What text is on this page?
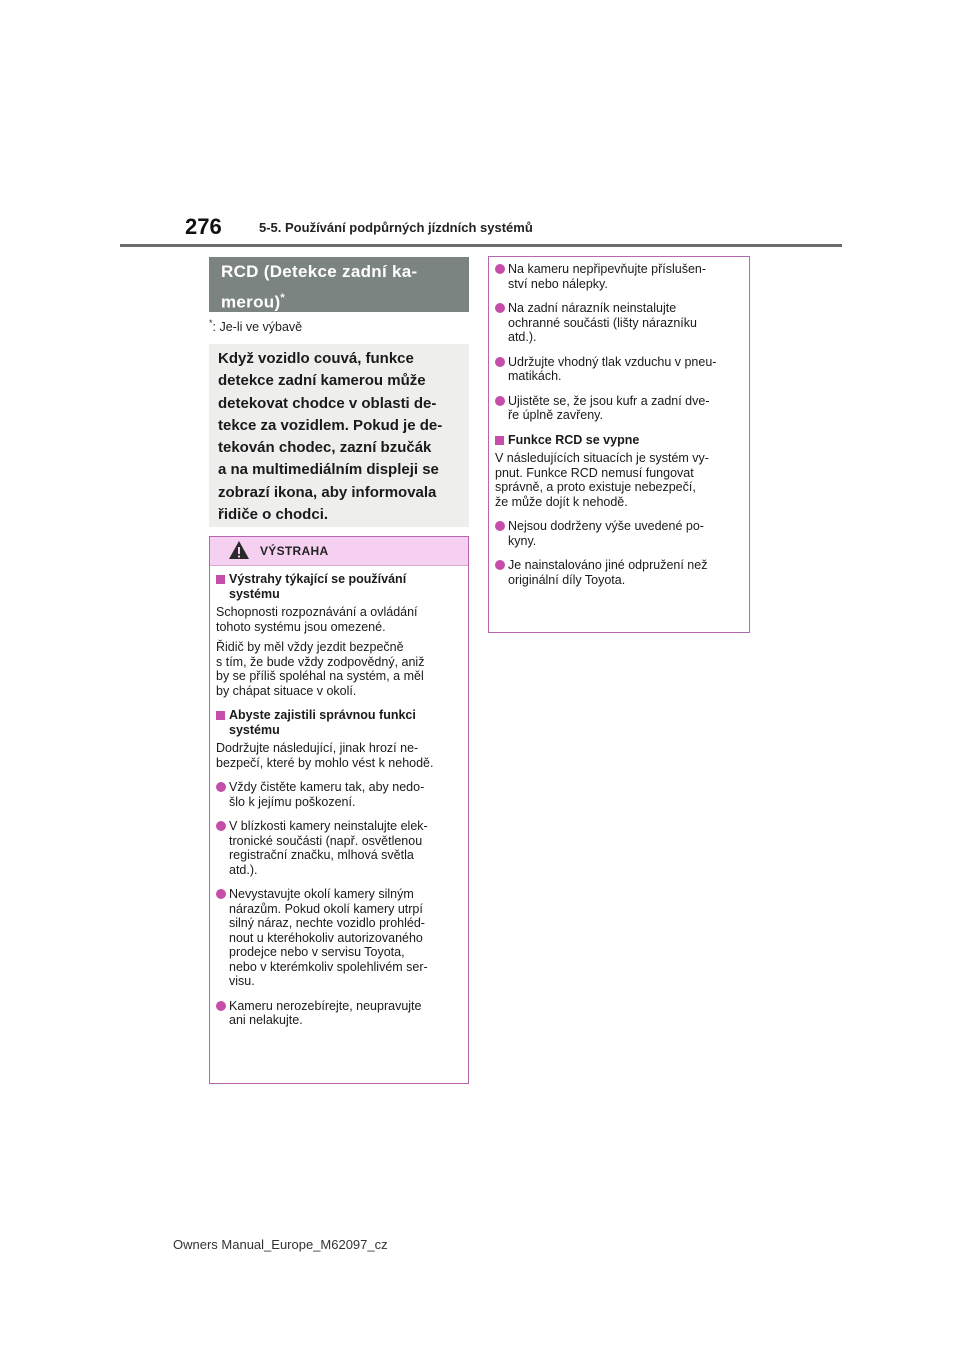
276	5-5. Používání podpůrných jízdních systémů
RCD (Detekce zadní ka-
merou)*
*: Je-li ve výbavě
Když vozidlo couvá, funkce
detekce zadní kamerou může
detekovat chodce v oblasti de-
tekce za vozidlem. Pokud je de-
tekován chodec, zazní bzučák
a na multimediálním displeji se
zobrazí ikona, aby informovala
řidiče o chodci.
VÝSTRAHA
Výstrahy týkající se používání
systému
Schopnosti rozpoznávání a ovládání
tohoto systému jsou omezené.
Řidič by měl vždy jezdit bezpečně
s tím, že bude vždy zodpovědný, aniž
by se příliš spoléhal na systém, a měl
by chápat situace v okolí.
Abyste zajistili správnou funkci
systému
Dodržujte následující, jinak hrozí ne-
bezpečí, které by mohlo vést k nehodě.
Vždy čistěte kameru tak, aby nedo-
šlo k jejímu poškození.
V blízkosti kamery neinstalujte elek-
tronické součásti (např. osvětlenou
registrační značku, mlhová světla
atd.).
Nevystavujte okolí kamery silným
nárazům. Pokud okolí kamery utrpí
silný náraz, nechte vozidlo prohléd-
nout u kteréhokoliv autorizovaného
prodejce nebo v servisu Toyota,
nebo v kterémkoliv spolehlivém ser-
visu.
Kameru nerozebírejte, neupravujte
ani nelakujte.
Na kameru nepřipevňujte příslušen-
ství nebo nálepky.
Na zadní nárazník neinstalujte
ochranné součásti (lišty nárazníku
atd.).
Udržujte vhodný tlak vzduchu v pneu-
matikách.
Ujistěte se, že jsou kufr a zadní dve-
ře úplně zavřeny.
Funkce RCD se vypne
V následujících situacích je systém vy-
pnut. Funkce RCD nemusí fungovat
správně, a proto existuje nebezpečí,
že může dojít k nehodě.
Nejsou dodrženy výše uvedené po-
kyny.
Je nainstalováno jiné odpružení než
originální díly Toyota.
Owners Manual_Europe_M62097_cz
